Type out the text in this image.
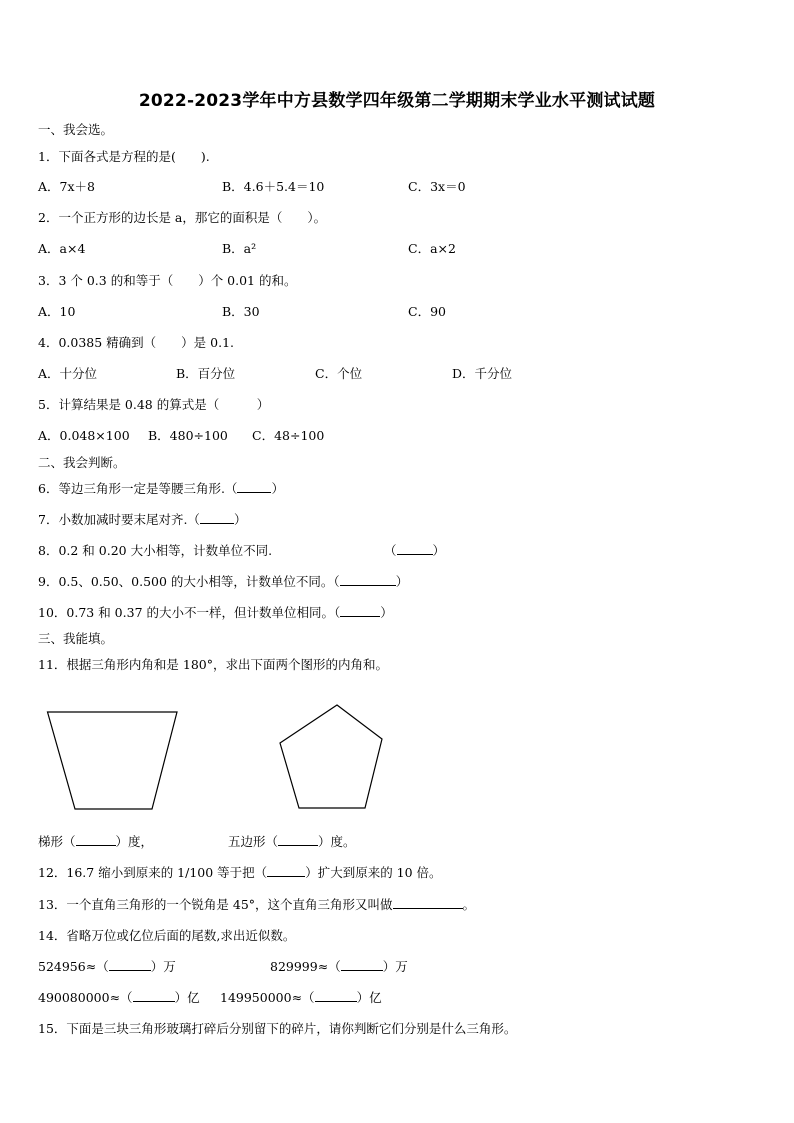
2022-2023学年中方县数学四年级第二学期期末学业水平测试试题
一、我会选。
1．下面各式是方程的是(　　).
A．7x＋8	B．4.6＋5.4＝10	C．3x＝0
2．一个正方形的边长是 a，那它的面积是（　　）。
A．a×4	B．a²	C．a×2
3．3 个 0.3 的和等于（　　）个 0.01 的和。
A．10	B．30	C．90
4．0.0385 精确到（　　）是 0.1.
A．十分位	B．百分位	C．个位	D．千分位
5．计算结果是 0.48 的算式是（　　　）
A．0.048×100 B．480÷100 C．48÷100
二、我会判断。
6．等边三角形一定是等腰三角形.（	）
7．小数加减时要末尾对齐.（	）
8．0.2 和 0.20 大小相等，计数单位不同.	（	）
9．0.5、0.50、0.500 的大小相等，计数单位不同。（	）
10．0.73 和 0.37 的大小不一样，但计数单位相同。（	）
三、我能填。
11．根据三角形内角和是 180°，求出下面两个图形的内角和。
梯形（	）度，	五边形（	）度。
12．16.7 缩小到原来的 1/100 等于把（	）扩大到原来的 10 倍。
13．一个直角三角形的一个锐角是 45°，这个直角三角形又叫做	。
14．省略万位或亿位后面的尾数,求出近似数。
524956≈（	）万	829999≈（	）万
490080000≈（	）亿 149950000≈（	）亿
15．下面是三块三角形玻璃打碎后分别留下的碎片，请你判断它们分别是什么三角形。
